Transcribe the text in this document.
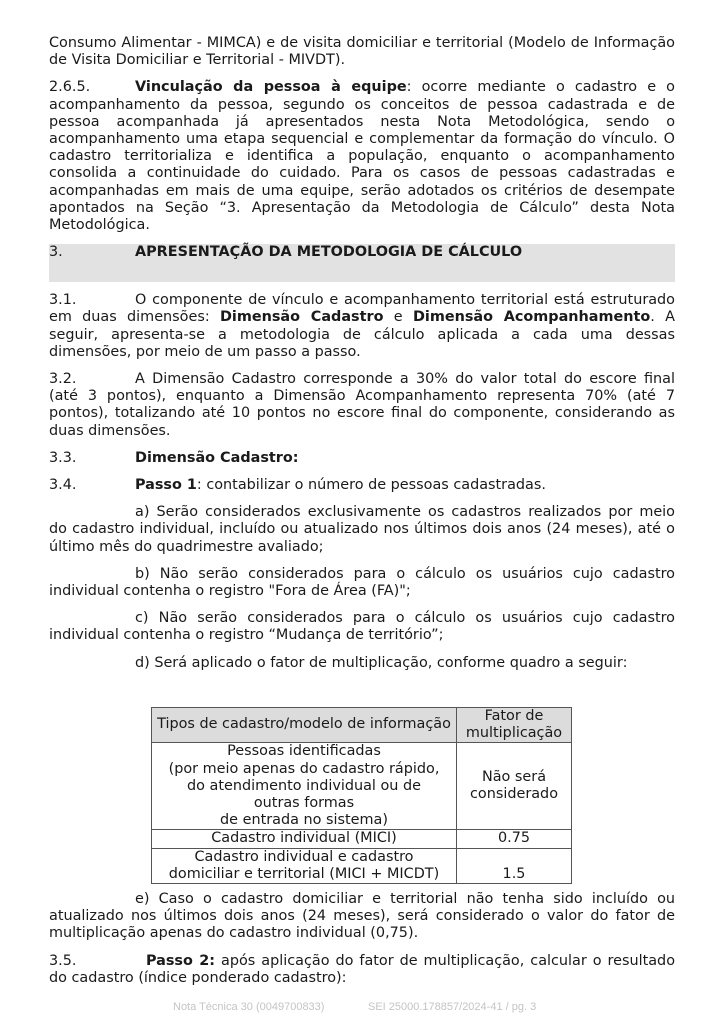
Consumo Alimentar - MIMCA) e de visita domiciliar e territorial (Modelo de Informação de Visita Domiciliar e Territorial - MIVDT).

2.6.5.	Vinculação da pessoa à equipe: ocorre mediante o cadastro e o acompanhamento da pessoa, segundo os conceitos de pessoa cadastrada e de pessoa acompanhada já apresentados nesta Nota Metodológica, sendo o acompanhamento uma etapa sequencial e complementar da formação do vínculo. O cadastro territorializa e identifica a população, enquanto o acompanhamento consolida a continuidade do cuidado. Para os casos de pessoas cadastradas e acompanhadas em mais de uma equipe, serão adotados os critérios de desempate apontados na Seção “3. Apresentação da Metodologia de Cálculo” desta Nota Metodológica.

3.	APRESENTAÇÃO DA METODOLOGIA DE CÁLCULO

3.1.	O componente de vínculo e acompanhamento territorial está estruturado em duas dimensões: Dimensão Cadastro e Dimensão Acompanhamento. A seguir, apresenta-se a metodologia de cálculo aplicada a cada uma dessas dimensões, por meio de um passo a passo.

3.2.	A Dimensão Cadastro corresponde a 30% do valor total do escore final (até 3 pontos), enquanto a Dimensão Acompanhamento representa 70% (até 7 pontos), totalizando até 10 pontos no escore final do componente, considerando as duas dimensões.

3.3.	Dimensão Cadastro:

3.4.	Passo 1: contabilizar o número de pessoas cadastradas.

a) Serão considerados exclusivamente os cadastros realizados por meio do cadastro individual, incluído ou atualizado nos últimos dois anos (24 meses), até o último mês do quadrimestre avaliado;

b) Não serão considerados para o cálculo os usuários cujo cadastro individual contenha o registro "Fora de Área (FA)";

c) Não serão considerados para o cálculo os usuários cujo cadastro individual contenha o registro “Mudança de território”;

d) Será aplicado o fator de multiplicação, conforme quadro a seguir:

Tipos de cadastro/modelo de informação	Fator de multiplicação

Pessoas identificadas
(por meio apenas do cadastro rápido,
do atendimento individual ou de
outras formas
de entrada no sistema)	Não será considerado
Cadastro individual (MICI)	0.75

Cadastro individual e cadastro
domiciliar e territorial (MICI + MICDT)	1.5

e) Caso o cadastro domiciliar e territorial não tenha sido incluído ou atualizado nos últimos dois anos (24 meses), será considerado o valor do fator de multiplicação apenas do cadastro individual (0,75).

3.5.	Passo 2: após aplicação do fator de multiplicação, calcular o resultado do cadastro (índice ponderado cadastro):

Nota Técnica 30 (0049700833)	SEI 25000.178857/2024-41 / pg. 3
